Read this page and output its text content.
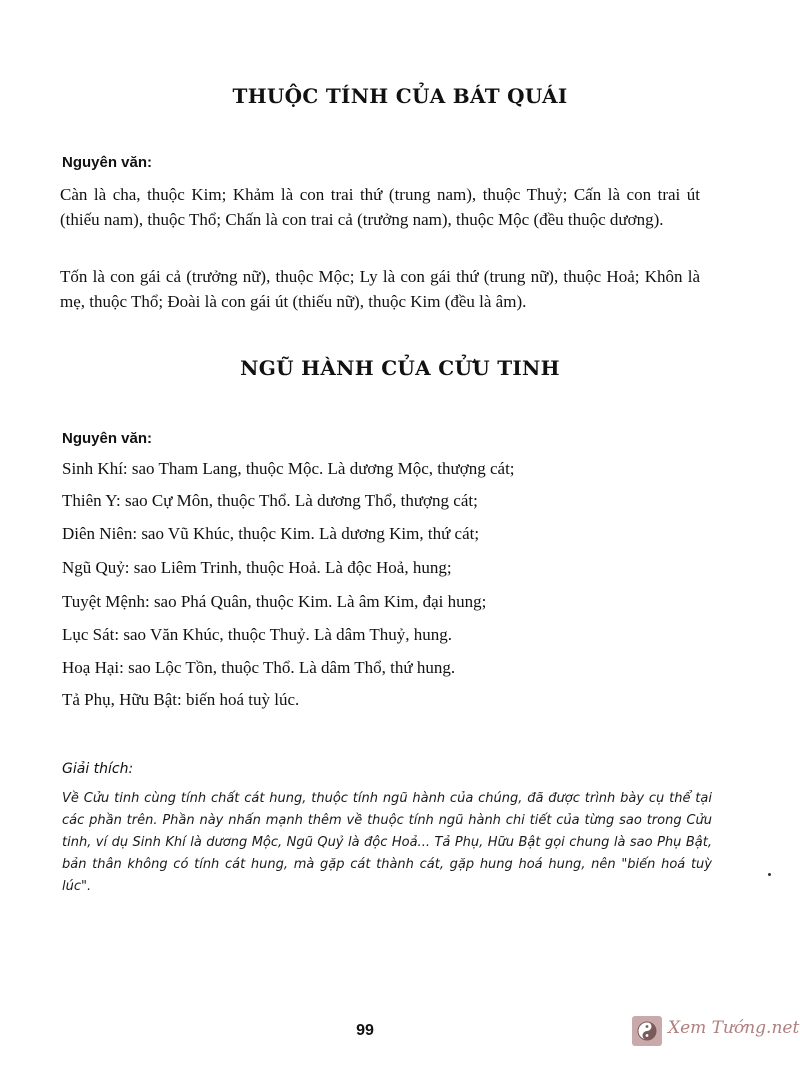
THUỘC TÍNH CỦA BÁT QUÁI
Nguyên văn:
Càn là cha, thuộc Kim; Khảm là con trai thứ (trung nam), thuộc Thuỷ; Cấn là con trai út (thiếu nam), thuộc Thổ; Chấn là con trai cả (trưởng nam), thuộc Mộc (đều thuộc dương).
Tốn là con gái cả (trưởng nữ), thuộc Mộc; Ly là con gái thứ (trung nữ), thuộc Hoả; Khôn là mẹ, thuộc Thổ; Đoài là con gái út (thiếu nữ), thuộc Kim (đều là âm).
NGŨ HÀNH CỦA CỬU TINH
Nguyên văn:
Sinh Khí: sao Tham Lang, thuộc Mộc. Là dương Mộc, thượng cát;
Thiên Y: sao Cự Môn, thuộc Thổ. Là dương Thổ, thượng cát;
Diên Niên: sao Vũ Khúc, thuộc Kim. Là dương Kim, thứ cát;
Ngũ Quỷ: sao Liêm Trinh, thuộc Hoả. Là độc Hoả, hung;
Tuyệt Mệnh: sao Phá Quân, thuộc Kim. Là âm Kim, đại hung;
Lục Sát: sao Văn Khúc, thuộc Thuỷ. Là dâm Thuỷ, hung.
Hoạ Hại: sao Lộc Tồn, thuộc Thổ. Là dâm Thổ, thứ hung.
Tả Phụ, Hữu Bật: biến hoá tuỳ lúc.
Giải thích:
Về Cửu tinh cùng tính chất cát hung, thuộc tính ngũ hành của chúng, đã được trình bày cụ thể tại các phần trên. Phần này nhấn mạnh thêm về thuộc tính ngũ hành chi tiết của từng sao trong Cửu tinh, ví dụ Sinh Khí là dương Mộc, Ngũ Quỷ là độc Hoả... Tả Phụ, Hữu Bật gọi chung là sao Phụ Bật, bản thân không có tính cát hung, mà gặp cát thành cát, gặp hung hoá hung, nên "biến hoá tuỳ lúc".
99	Xem Tướng.net
